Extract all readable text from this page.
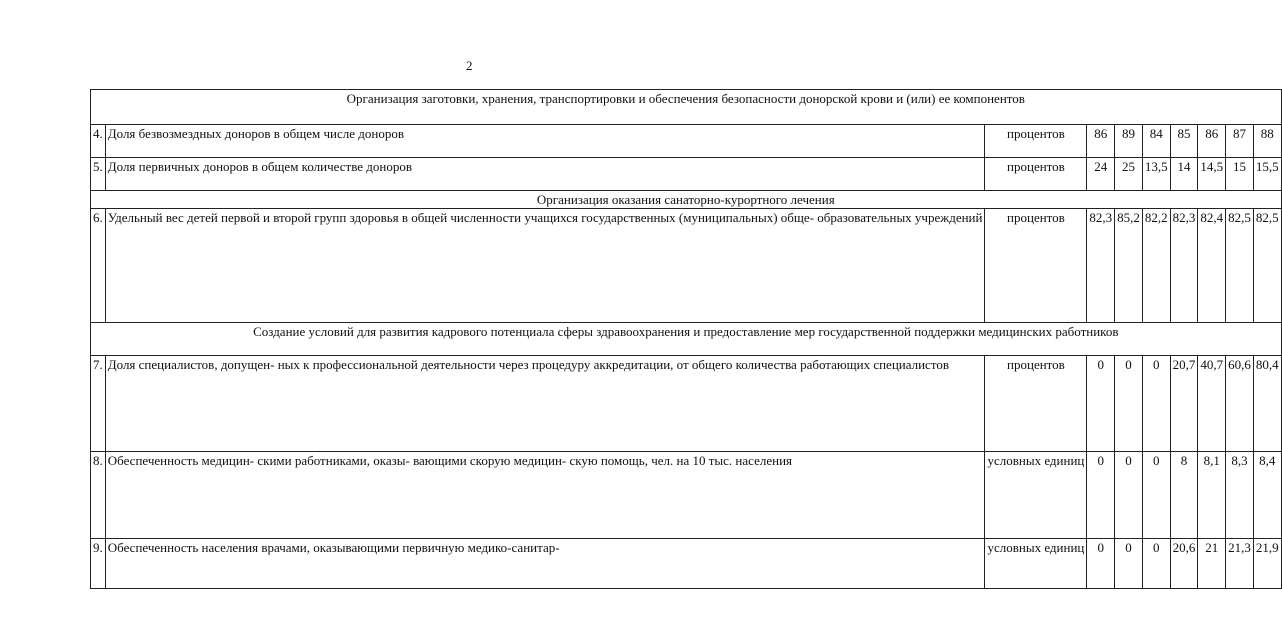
2
Организация заготовки, хранения, транспортировки и обеспечения безопасности донорской крови и (или) ее компонентов									
4.	Доля безвозмездных доноров в общем числе доноров	процентов	86	89	84	85	86	87	88
5.	Доля первичных доноров в общем количестве доноров	процентов	24	25	13,5	14	14,5	15	15,5
Организация оказания санаторно-курортного лечения									
6.	Удельный вес детей первой и второй групп здоровья в общей численности учащихся государственных (муниципальных) обще- образовательных учреждений	процентов	82,3	85,2	82,2	82,3	82,4	82,5	82,5
Создание условий для развития кадрового потенциала сферы здравоохранения и предоставление мер государственной поддержки медицинских работников									
7.	Доля специалистов, допущен- ных к профессиональной деятельности через процедуру аккредитации, от общего количества работающих специалистов	процентов	0	0	0	20,7	40,7	60,6	80,4
8.	Обеспеченность медицин- скими работниками, оказы- вающими скорую медицин- скую помощь, чел. на 10 тыс. населения	условных единиц	0	0	0	8	8,1	8,3	8,4
9.	Обеспеченность населения врачами, оказывающими первичную медико-санитар-	условных единиц	0	0	0	20,6	21	21,3	21,9
